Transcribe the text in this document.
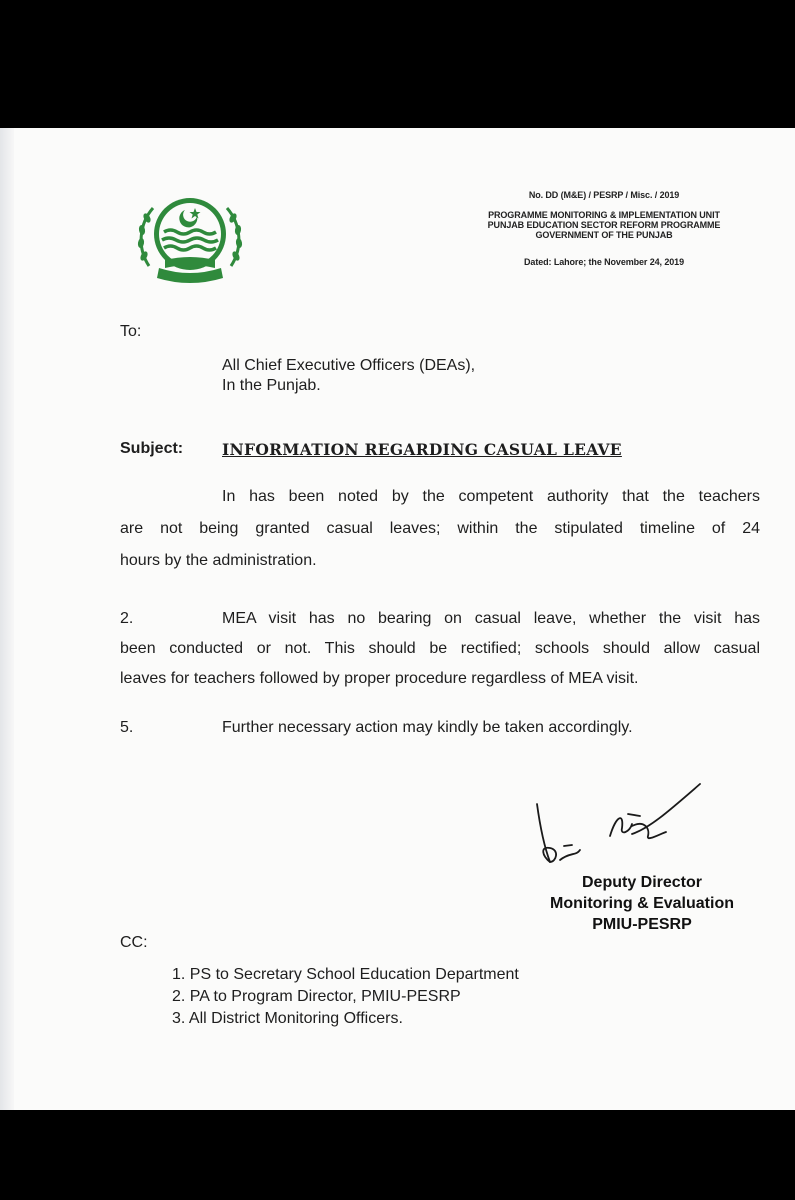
No. DD (M&E) / PESRP / Misc. / 2019
PROGRAMME MONITORING & IMPLEMENTATION UNIT
PUNJAB EDUCATION SECTOR REFORM PROGRAMME
GOVERNMENT OF THE PUNJAB
Dated: Lahore; the November 24, 2019
To:
All Chief Executive Officers (DEAs),
In the Punjab.
Subject:	INFORMATION REGARDING CASUAL LEAVE
In has been noted by the competent authority that the teachers
are not being granted casual leaves; within the stipulated timeline of 24
hours by the administration.
2.	MEA visit has no bearing on casual leave, whether the visit has
been conducted or not. This should be rectified; schools should allow casual
leaves for teachers followed by proper procedure regardless of MEA visit.
5.	Further necessary action may kindly be taken accordingly.
Deputy Director
Monitoring & Evaluation
PMIU-PESRP
CC:
1. PS to Secretary School Education Department
2. PA to Program Director, PMIU-PESRP
3. All District Monitoring Officers.
